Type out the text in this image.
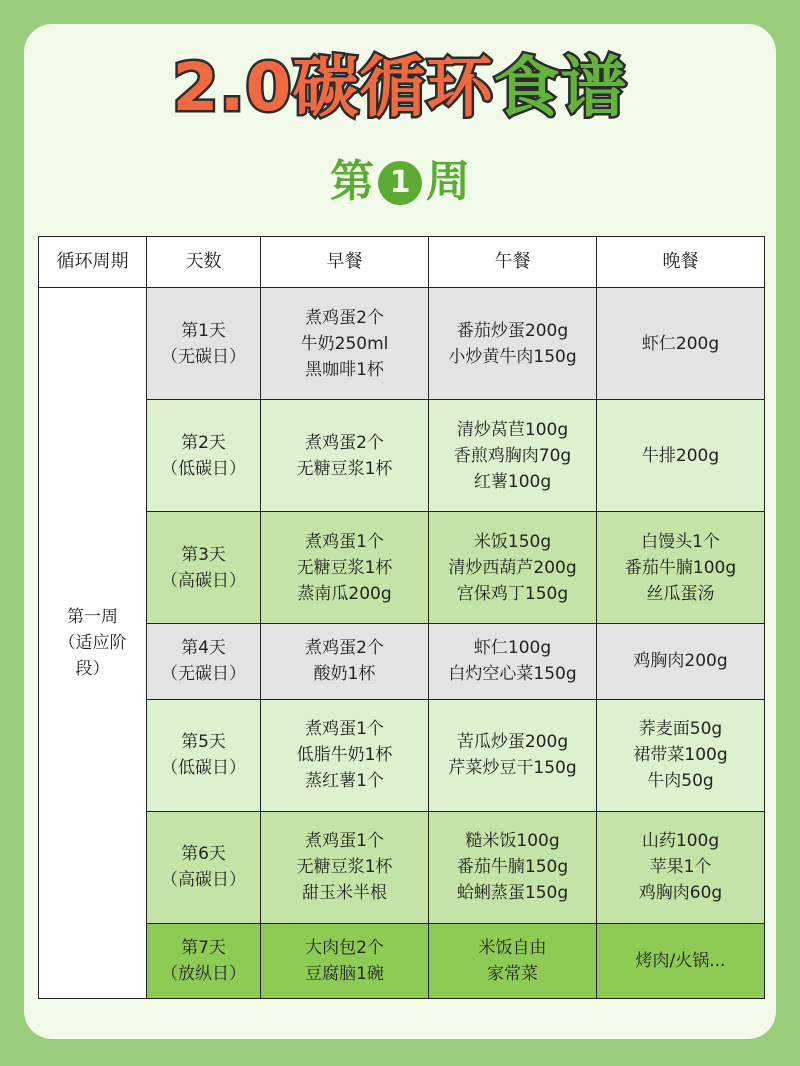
2.0碳循环食谱
第 1 周
循环周期	天数	早餐	午餐	晚餐

第一周
（适应阶
段）	第1天
（无碳日）	煮鸡蛋2个
牛奶250ml
黑咖啡1杯	番茄炒蛋200g
小炒黄牛肉150g	虾仁200g

	第2天
（低碳日）	煮鸡蛋2个
无糖豆浆1杯	清炒莴苣100g
香煎鸡胸肉70g
红薯100g	牛排200g

	第3天
（高碳日）	煮鸡蛋1个
无糖豆浆1杯
蒸南瓜200g	米饭150g
清炒西葫芦200g
宫保鸡丁150g	白馒头1个
番茄牛腩100g
丝瓜蛋汤

	第4天
（无碳日）	煮鸡蛋2个
酸奶1杯	虾仁100g
白灼空心菜150g	鸡胸肉200g

	第5天
（低碳日）	煮鸡蛋1个
低脂牛奶1杯
蒸红薯1个	苦瓜炒蛋200g
芹菜炒豆干150g	荞麦面50g
裙带菜100g
牛肉50g

	第6天
（高碳日）	煮鸡蛋1个
无糖豆浆1杯
甜玉米半根	糙米饭100g
番茄牛腩150g
蛤蜊蒸蛋150g	山药100g
苹果1个
鸡胸肉60g

	第7天
（放纵日）	大肉包2个
豆腐脑1碗	米饭自由
家常菜	烤肉/火锅...
